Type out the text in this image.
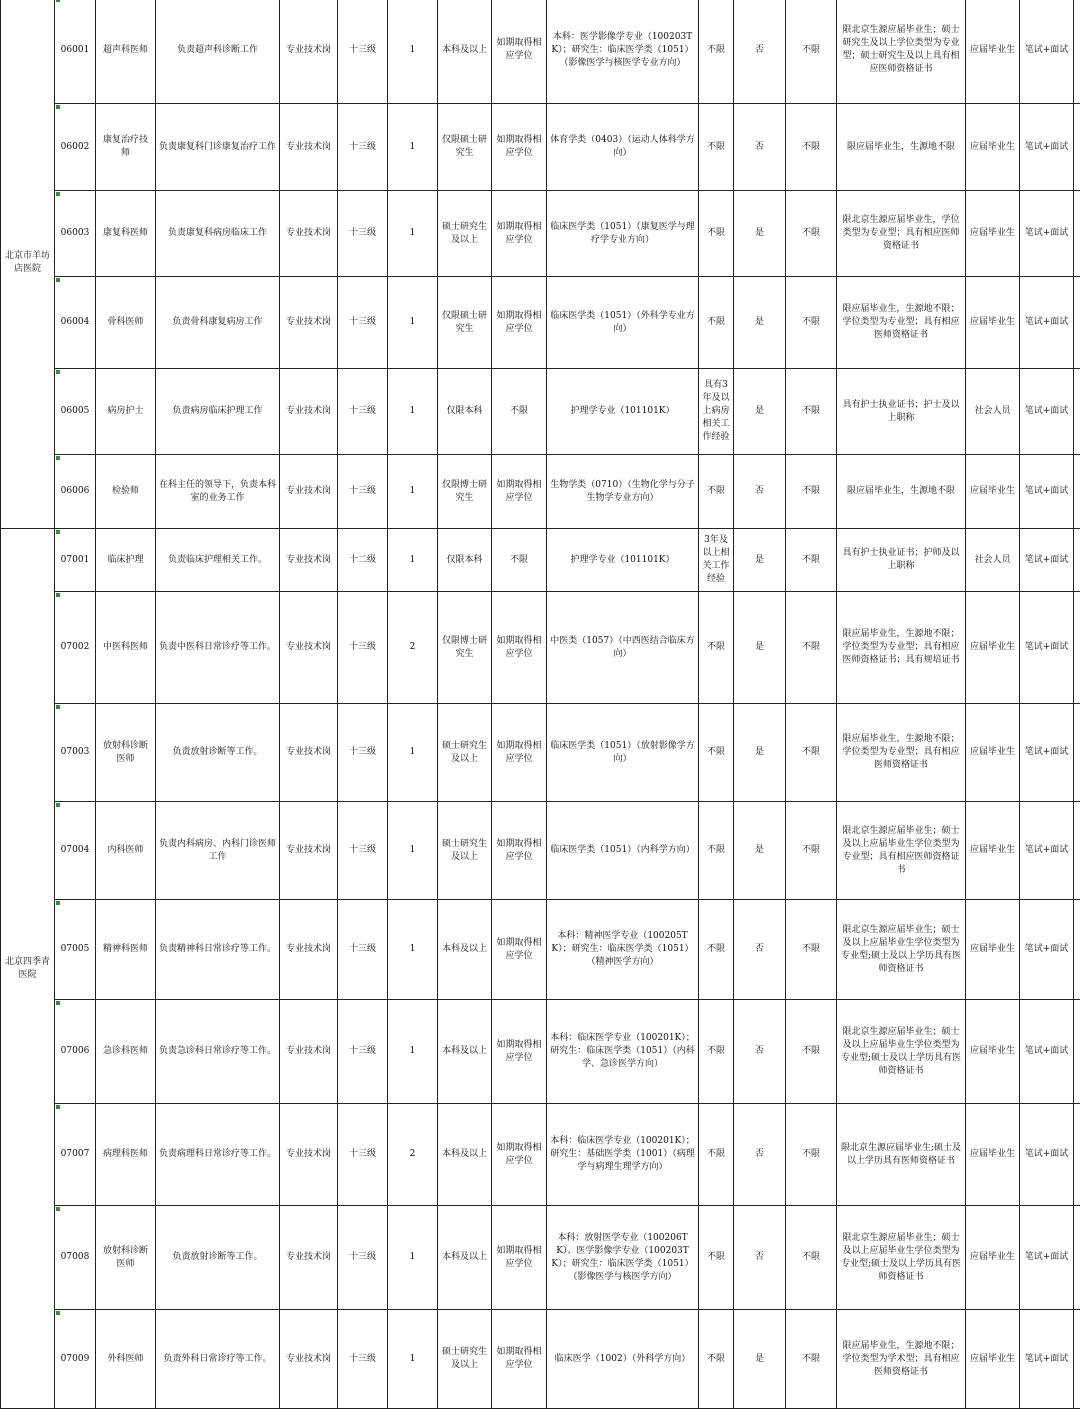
北京市羊坊店医院	06001	超声科医师	负责超声科诊断工作	专业技术岗	十三级	1	本科及以上	如期取得相应学位	本科：医学影像学专业（100203TK）；研究生：临床医学类（1051）（影像医学与核医学专业方向）	不限	否	不限	限北京生源应届毕业生；硕士研究生及以上学位类型为专业型；硕士研究生及以上具有相应医师资格证书	应届毕业生	笔试+面试	
	06002	康复治疗技师	负责康复科门诊康复治疗工作	专业技术岗	十三级	1	仅限硕士研究生	如期取得相应学位	体育学类（0403）（运动人体科学方向）	不限	否	不限	限应届毕业生，生源地不限	应届毕业生	笔试+面试	
	06003	康复科医师	负责康复科病房临床工作	专业技术岗	十三级	1	硕士研究生及以上	如期取得相应学位	临床医学类（1051）（康复医学与理疗学专业方向）	不限	是	不限	限北京生源应届毕业生，学位类型为专业型；具有相应医师资格证书	应届毕业生	笔试+面试	
	06004	骨科医师	负责骨科康复病房工作	专业技术岗	十三级	1	仅限硕士研究生	如期取得相应学位	临床医学类（1051）（外科学专业方向）	不限	是	不限	限应届毕业生，生源地不限；学位类型为专业型；具有相应医师资格证书	应届毕业生	笔试+面试	
	06005	病房护士	负责病房临床护理工作	专业技术岗	十三级	1	仅限本科	不限	护理学专业（101101K）	具有3年及以上病房相关工作经验	是	不限	具有护士执业证书；护士及以上职称	社会人员	笔试+面试	
	06006	检验师	在科主任的领导下，负责本科室的业务工作	专业技术岗	十三级	1	仅限博士研究生	如期取得相应学位	生物学类（0710）（生物化学与分子生物学专业方向）	不限	否	不限	限应届毕业生，生源地不限	应届毕业生	笔试+面试	
北京四季青医院	07001	临床护理	负责临床护理相关工作。	专业技术岗	十二级	1	仅限本科	不限	护理学专业（101101K）	3年及以上相关工作经验	是	不限	具有护士执业证书；护师及以上职称	社会人员	笔试+面试	
	07002	中医科医师	负责中医科日常诊疗等工作。	专业技术岗	十三级	2	仅限博士研究生	如期取得相应学位	中医类（1057）（中西医结合临床方向）	不限	是	不限	限应届毕业生，生源地不限；学位类型为专业型；具有相应医师资格证书；具有规培证书	应届毕业生	笔试+面试	
	07003	放射科诊断医师	负责放射诊断等工作。	专业技术岗	十三级	1	硕士研究生及以上	如期取得相应学位	临床医学类（1051）（放射影像学方向）	不限	是	不限	限应届毕业生，生源地不限；学位类型为专业型；具有相应医师资格证书	应届毕业生	笔试+面试	
	07004	内科医师	负责内科病房、内科门诊医师工作	专业技术岗	十三级	1	硕士研究生及以上	如期取得相应学位	临床医学类（1051）（内科学方向）	不限	是	不限	限北京生源应届毕业生；硕士及以上应届毕业生学位类型为专业型；具有相应医师资格证书	应届毕业生	笔试+面试	
	07005	精神科医师	负责精神科日常诊疗等工作。	专业技术岗	十三级	1	本科及以上	如期取得相应学位	本科：精神医学专业（100205TK）；研究生：临床医学类（1051）（精神医学方向）	不限	否	不限	限北京生源应届毕业生；硕士及以上应届毕业生学位类型为专业型;硕士及以上学历具有医师资格证书	应届毕业生	笔试+面试	
	07006	急诊科医师	负责急诊科日常诊疗等工作。	专业技术岗	十三级	1	本科及以上	如期取得相应学位	本科：临床医学专业（100201K）；研究生：临床医学类（1051）（内科学、急诊医学方向）	不限	否	不限	限北京生源应届毕业生；硕士及以上应届毕业生学位类型为专业型;硕士及以上学历具有医师资格证书	应届毕业生	笔试+面试	
	07007	病理科医师	负责病理科日常诊疗等工作。	专业技术岗	十三级	2	本科及以上	如期取得相应学位	本科：临床医学专业（100201K）；研究生：基础医学类（1001）（病理学与病理生理学方向）	不限	否	不限	限北京生源应届毕业生;硕士及以上学历具有医师资格证书	应届毕业生	笔试+面试	
	07008	放射科诊断医师	负责放射诊断等工作。	专业技术岗	十三级	1	本科及以上	如期取得相应学位	本科：放射医学专业（100206TK）、医学影像学专业（100203TK）；研究生：临床医学类（1051）（影像医学与核医学方向）	不限	否	不限	限北京生源应届毕业生；硕士及以上应届毕业生学位类型为专业型;硕士及以上学历具有医师资格证书	应届毕业生	笔试+面试	
	07009	外科医师	负责外科日常诊疗等工作。	专业技术岗	十三级	1	硕士研究生及以上	如期取得相应学位	临床医学（1002）（外科学方向）	不限	是	不限	限应届毕业生，生源地不限；学位类型为学术型；具有相应医师资格证书	应届毕业生	笔试+面试	
